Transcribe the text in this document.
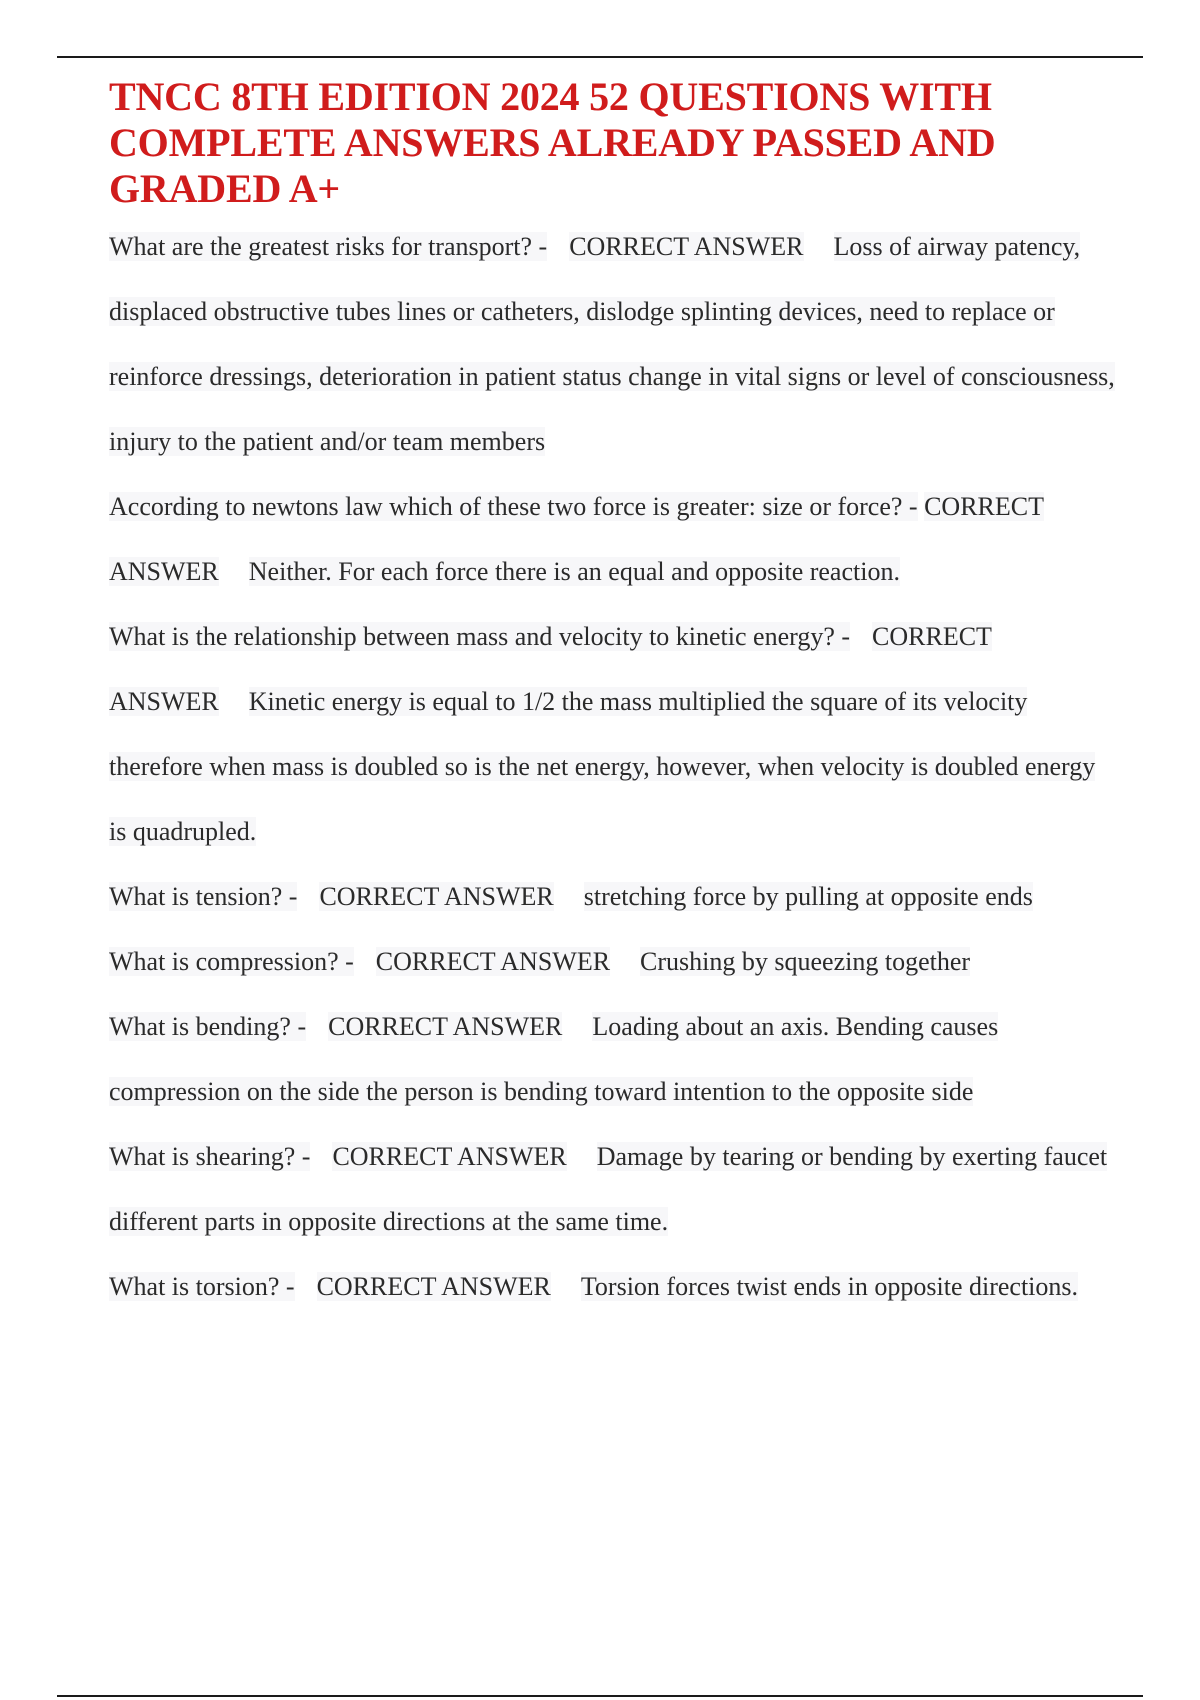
TNCC 8TH EDITION 2024 52 QUESTIONS WITH COMPLETE ANSWERS ALREADY PASSED AND GRADED A+

What are the greatest risks for transport? - CORRECT ANSWER Loss of airway patency, displaced obstructive tubes lines or catheters, dislodge splinting devices, need to replace or reinforce dressings, deterioration in patient status change in vital signs or level of consciousness, injury to the patient and/or team members

According to newtons law which of these two force is greater: size or force? - CORRECT ANSWER Neither. For each force there is an equal and opposite reaction.

What is the relationship between mass and velocity to kinetic energy? - CORRECT ANSWER Kinetic energy is equal to 1/2 the mass multiplied the square of its velocity therefore when mass is doubled so is the net energy, however, when velocity is doubled energy is quadrupled.

What is tension? - CORRECT ANSWER stretching force by pulling at opposite ends

What is compression? - CORRECT ANSWER Crushing by squeezing together

What is bending? - CORRECT ANSWER Loading about an axis. Bending causes compression on the side the person is bending toward intention to the opposite side

What is shearing? - CORRECT ANSWER Damage by tearing or bending by exerting faucet different parts in opposite directions at the same time.

What is torsion? - CORRECT ANSWER Torsion forces twist ends in opposite directions.
